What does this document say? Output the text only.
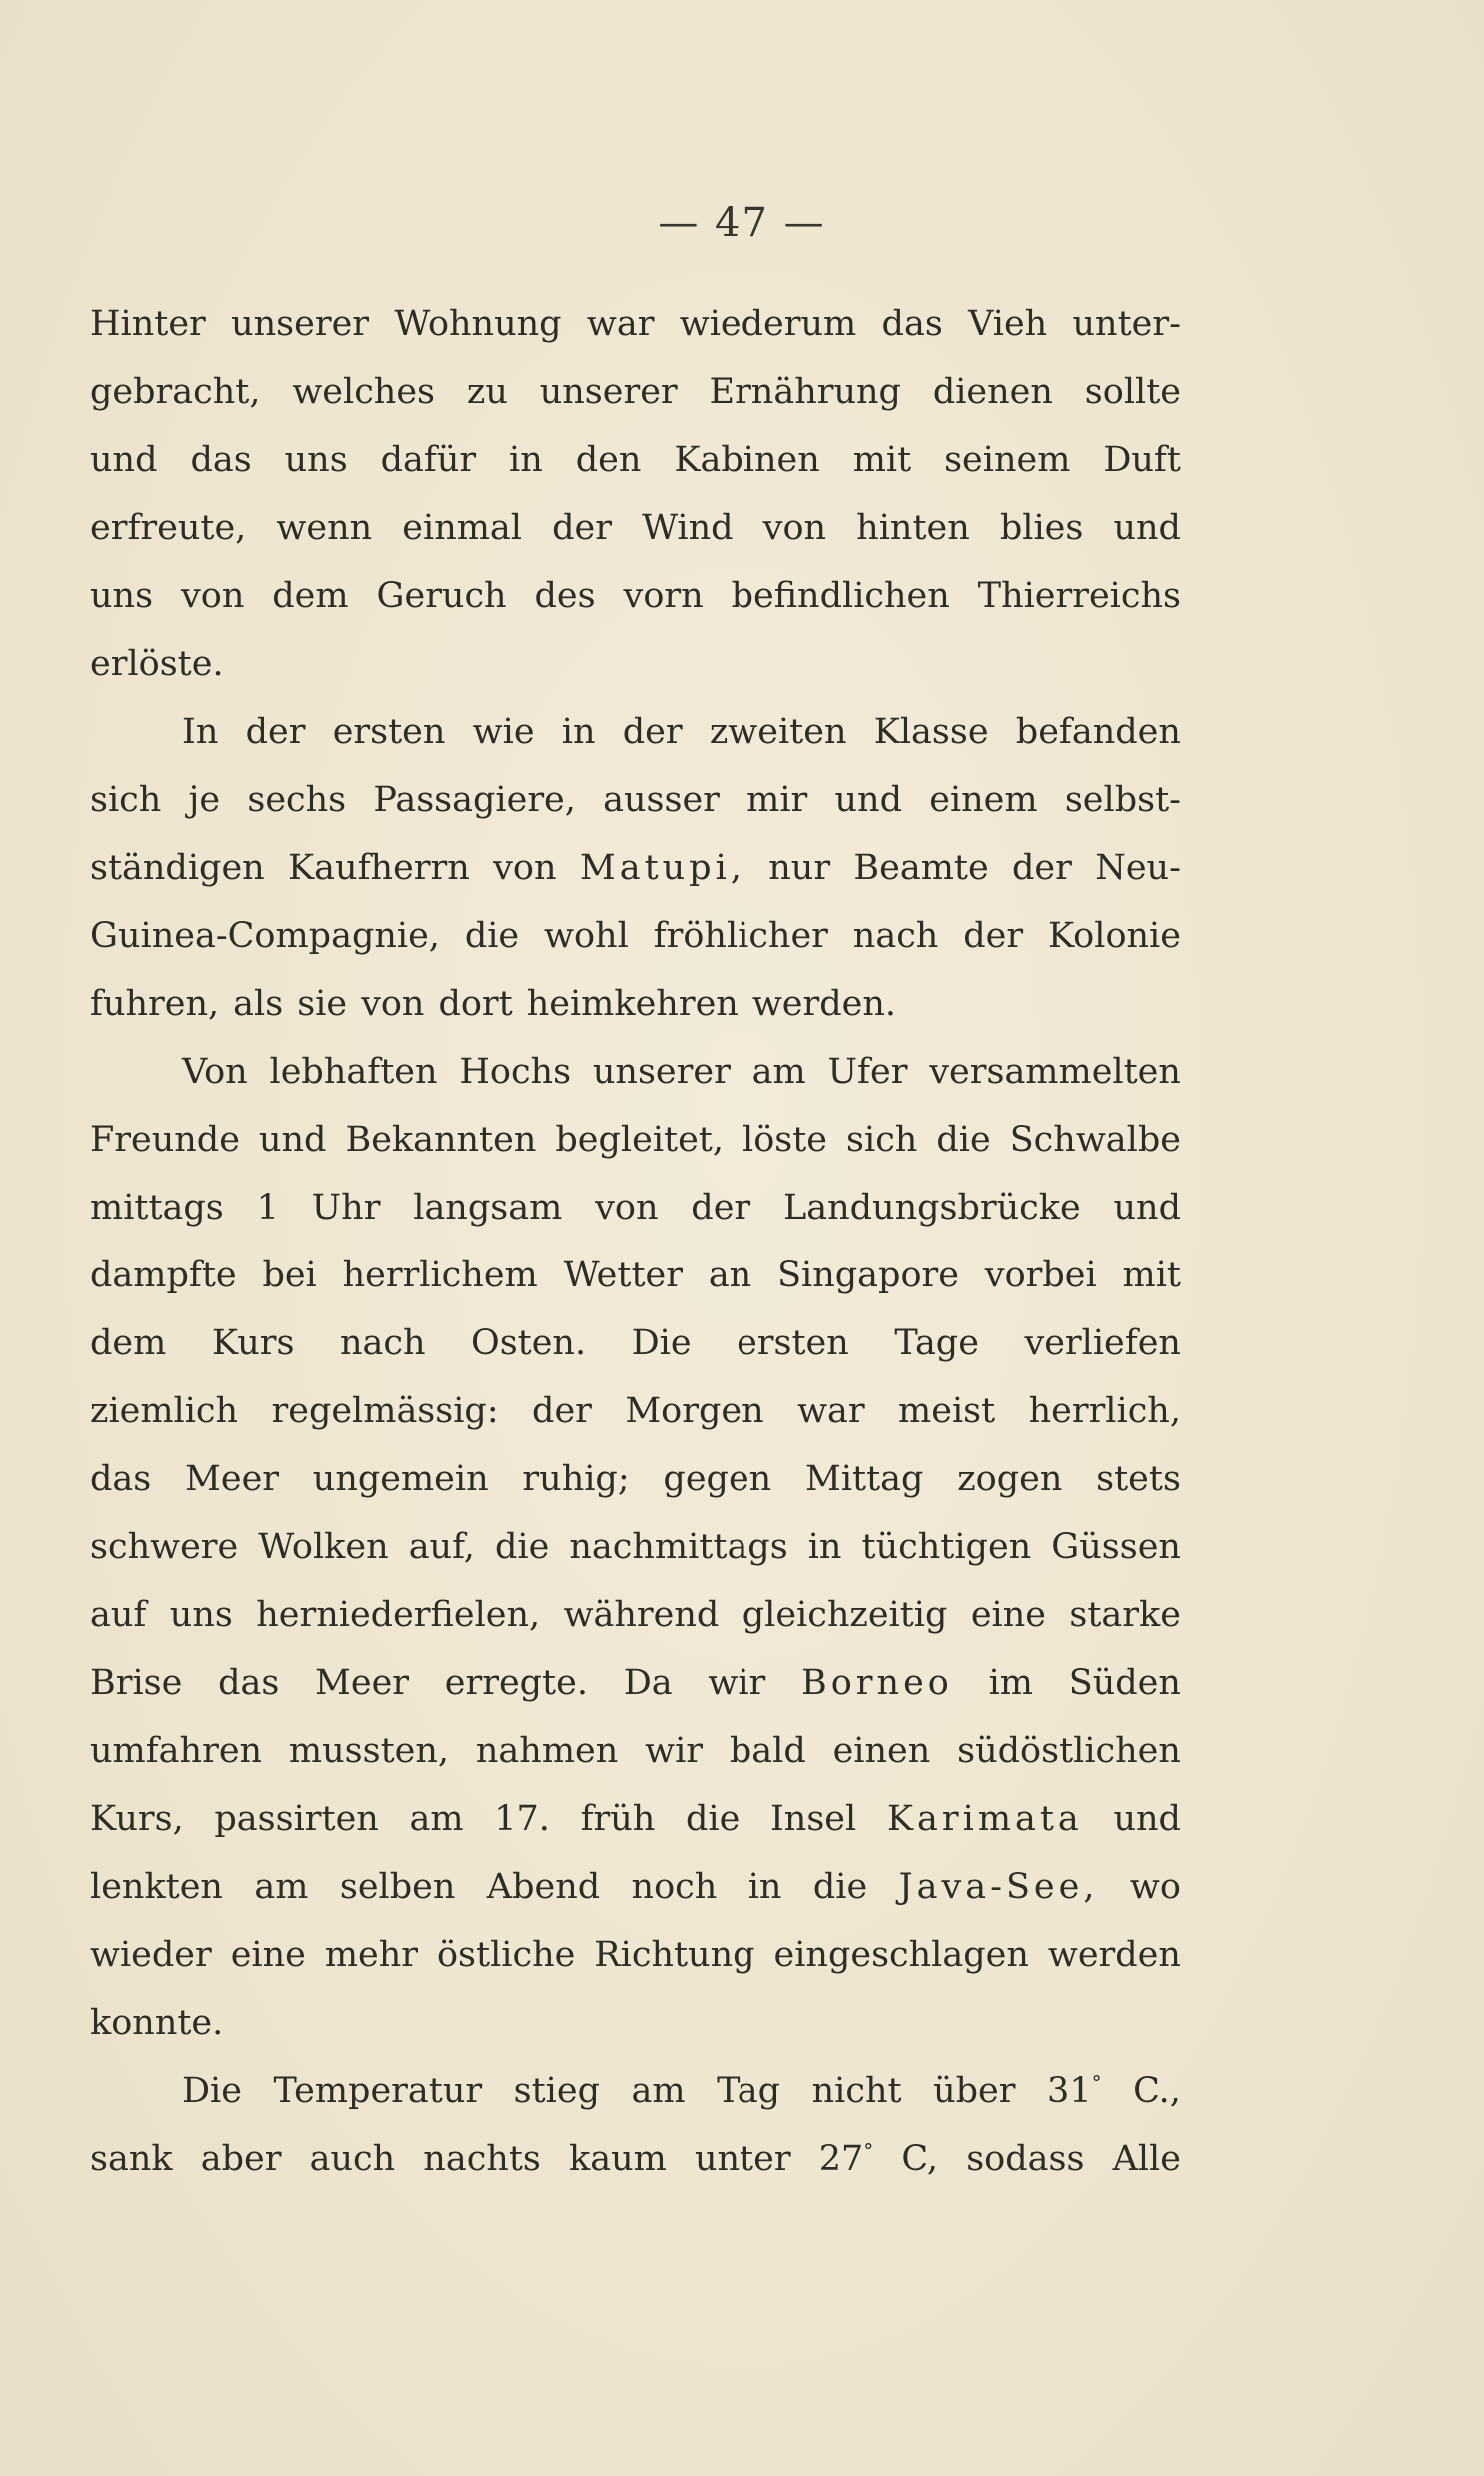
— 47 —
Hinter unserer Wohnung war wiederum das Vieh unter-
gebracht, welches zu unserer Ernährung dienen sollte
und das uns dafür in den Kabinen mit seinem Duft
erfreute, wenn einmal der Wind von hinten blies und
uns von dem Geruch des vorn befindlichen Thierreichs
erlöste.
In der ersten wie in der zweiten Klasse befanden
sich je sechs Passagiere, ausser mir und einem selbst-
ständigen Kaufherrn von Matupi, nur Beamte der Neu-
Guinea-Compagnie, die wohl fröhlicher nach der Kolonie
fuhren, als sie von dort heimkehren werden.
Von lebhaften Hochs unserer am Ufer versammelten
Freunde und Bekannten begleitet, löste sich die Schwalbe
mittags 1 Uhr langsam von der Landungsbrücke und
dampfte bei herrlichem Wetter an Singapore vorbei mit
dem Kurs nach Osten. Die ersten Tage verliefen
ziemlich regelmässig: der Morgen war meist herrlich,
das Meer ungemein ruhig; gegen Mittag zogen stets
schwere Wolken auf, die nachmittags in tüchtigen Güssen
auf uns herniederfielen, während gleichzeitig eine starke
Brise das Meer erregte. Da wir Borneo im Süden
umfahren mussten, nahmen wir bald einen südöstlichen
Kurs, passirten am 17. früh die Insel Karimata und
lenkten am selben Abend noch in die Java-See, wo
wieder eine mehr östliche Richtung eingeschlagen werden
konnte.
Die Temperatur stieg am Tag nicht über 31° C.,
sank aber auch nachts kaum unter 27° C, sodass Alle
